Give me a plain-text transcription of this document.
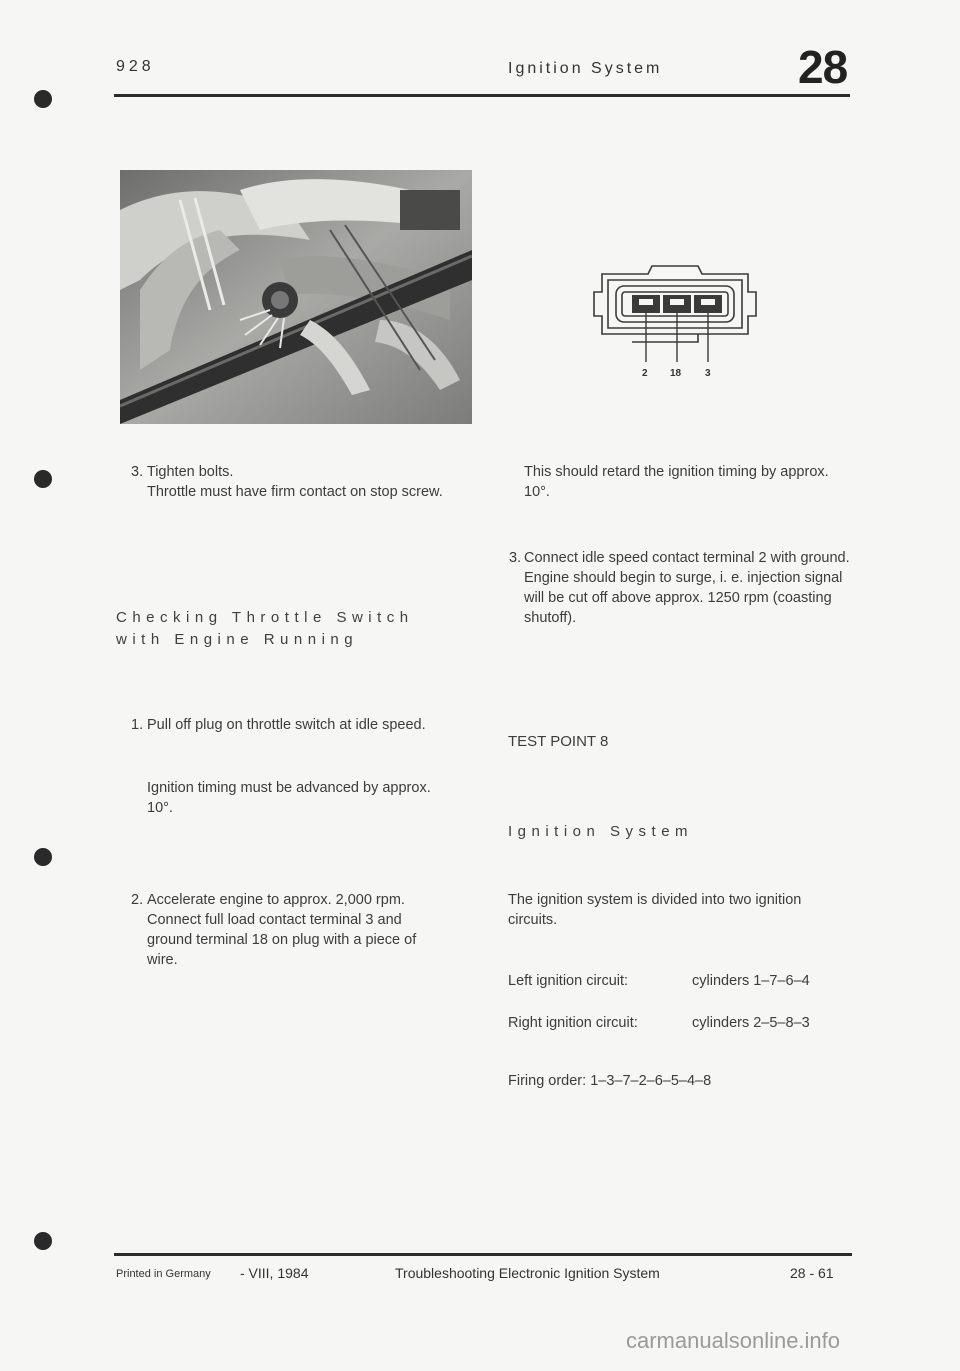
928	Ignition System	28
2 18 3
3. Tighten bolts.
Throttle must have firm contact on stop screw.
Checking Throttle Switch
with Engine Running
1. Pull off plug on throttle switch at idle speed.
Ignition timing must be advanced by approx. 10°.
2. Accelerate engine to approx. 2,000 rpm. Connect full load contact terminal 3 and ground terminal 18 on plug with a piece of wire.
This should retard the ignition timing by approx. 10°.
3. Connect idle speed contact terminal 2 with ground. Engine should begin to surge, i. e. injection signal will be cut off above approx. 1250 rpm (coasting shutoff).
TEST POINT 8
Ignition System
The ignition system is divided into two ignition circuits.
Left ignition circuit:	cylinders 1–7–6–4
Right ignition circuit:	cylinders 2–5–8–3
Firing order: 1–3–7–2–6–5–4–8
Printed in Germany - VIII, 1984	Troubleshooting Electronic Ignition System	28 - 61
carmanualsonline.info
